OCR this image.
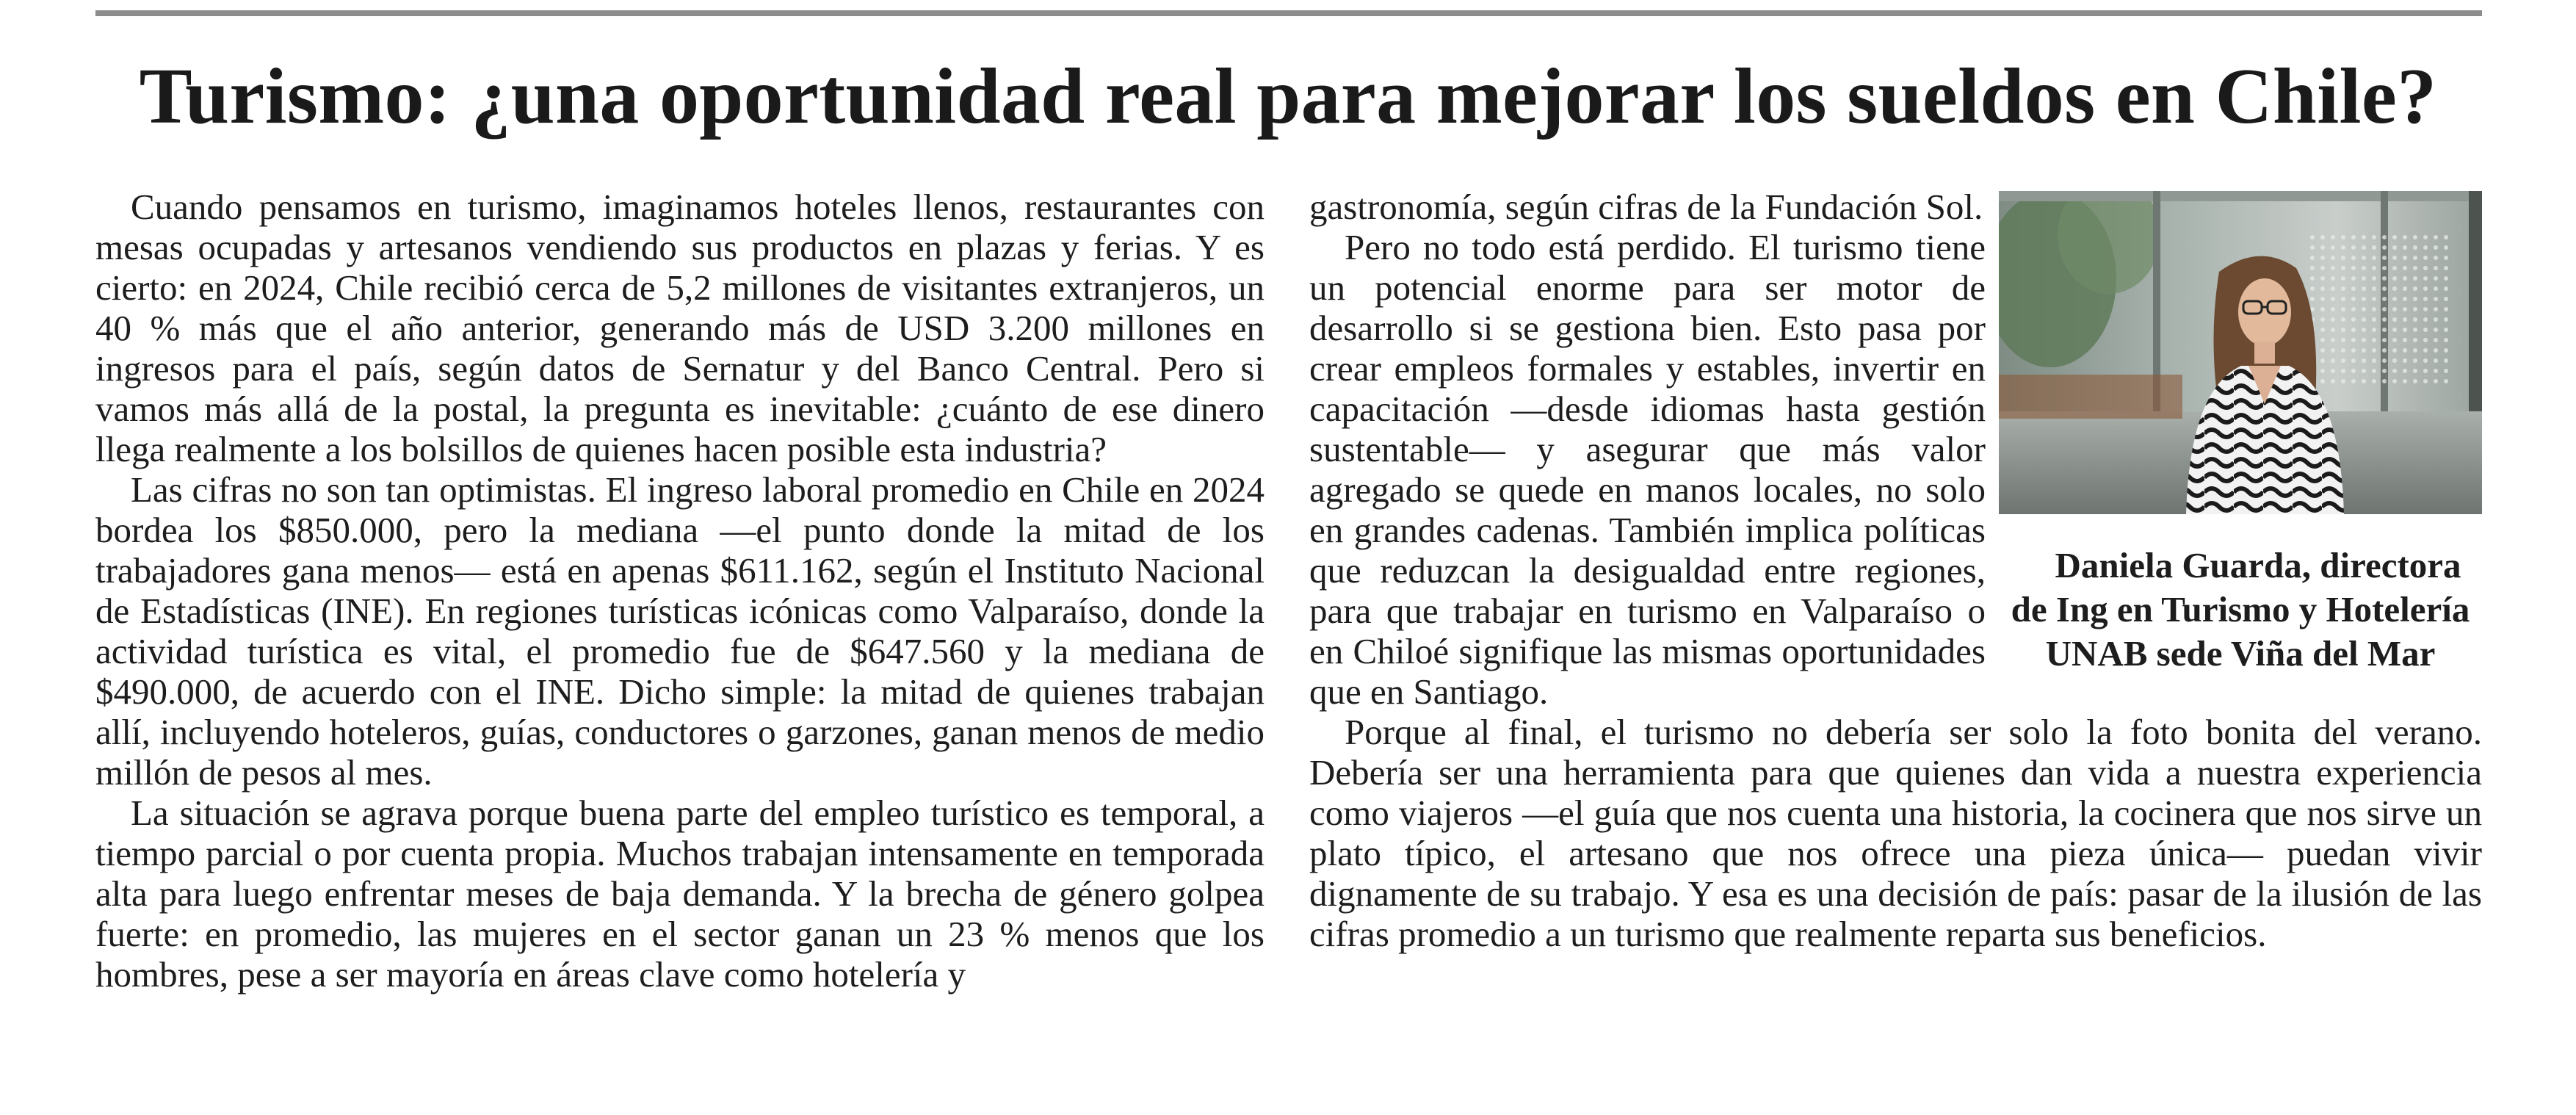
Turismo: ¿una oportunidad real para mejorar los sueldos en Chile?

Cuando pensamos en turismo, imaginamos hoteles llenos, restaurantes con mesas ocupadas y artesanos vendiendo sus productos en plazas y ferias. Y es cierto: en 2024, Chile recibió cerca de 5,2 millones de visitantes extranjeros, un 40 % más que el año anterior, generando más de USD 3.200 millones en ingresos para el país, según datos de Sernatur y del Banco Central. Pero si vamos más allá de la postal, la pregunta es inevitable: ¿cuánto de ese dinero llega realmente a los bolsillos de quienes hacen posible esta industria?

Las cifras no son tan optimistas. El ingreso laboral promedio en Chile en 2024 bordea los $850.000, pero la mediana —el punto donde la mitad de los trabajadores gana menos— está en apenas $611.162, según el Instituto Nacional de Estadísticas (INE). En regiones turísticas icónicas como Valparaíso, donde la actividad turística es vital, el promedio fue de $647.560 y la mediana de $490.000, de acuerdo con el INE. Dicho simple: la mitad de quienes trabajan allí, incluyendo hoteleros, guías, conductores o garzones, ganan menos de medio millón de pesos al mes.

La situación se agrava porque buena parte del empleo turístico es temporal, a tiempo parcial o por cuenta propia. Muchos trabajan intensamente en temporada alta para luego enfrentar meses de baja demanda. Y la brecha de género golpea fuerte: en promedio, las mujeres en el sector ganan un 23 % menos que los hombres, pese a ser mayoría en áreas clave como hotelería y

Daniela Guarda, directora de Ing en Turismo y Hotelería UNAB sede Viña del Mar

gastronomía, según cifras de la Fundación Sol.

Pero no todo está perdido. El turismo tiene un potencial enorme para ser motor de desarrollo si se gestiona bien. Esto pasa por crear empleos formales y estables, invertir en capacitación —desde idiomas hasta gestión sustentable— y asegurar que más valor agregado se quede en manos locales, no solo en grandes cadenas. También implica políticas que reduzcan la desigualdad entre regiones, para que trabajar en turismo en Valparaíso o en Chiloé signifique las mismas oportunidades que en Santiago.

Porque al final, el turismo no debería ser solo la foto bonita del verano. Debería ser una herramienta para que quienes dan vida a nuestra experiencia como viajeros —el guía que nos cuenta una historia, la cocinera que nos sirve un plato típico, el artesano que nos ofrece una pieza única— puedan vivir dignamente de su trabajo. Y esa es una decisión de país: pasar de la ilusión de las cifras promedio a un turismo que realmente reparta sus beneficios.
